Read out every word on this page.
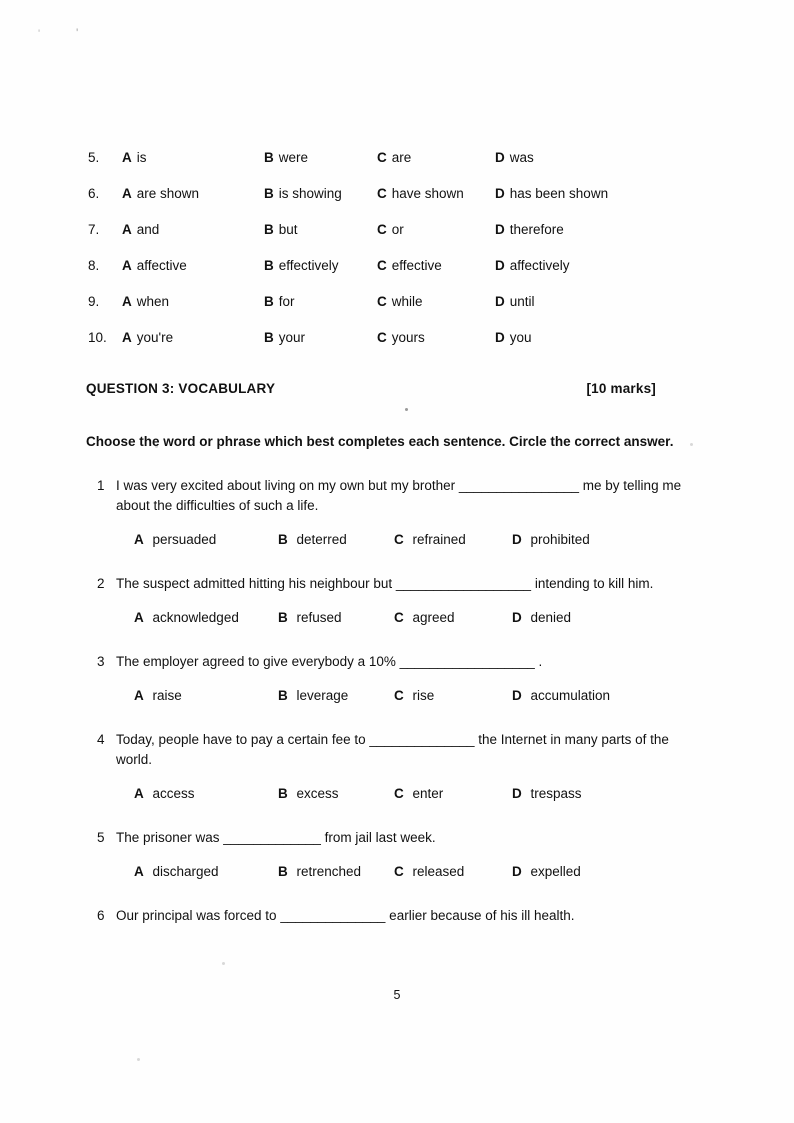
'	'
5.	A is	B were	C are	D was
6.	A are shown	B is showing	C have shown D has been shown
7.	A and	B but	C or	D therefore
8.	A affective	B effectively	C effective	D affectively
9.	A when	B for	C while	D until
10.	A you're	B your	C yours	D you
QUESTION 3: VOCABULARY	[10 marks]
Choose the word or phrase which best completes each sentence. Circle the correct answer.
1 I was very excited about living on my own but my brother ________________ me by telling me about the difficulties of such a life.
A persuaded	B deterred	C refrained	D prohibited
2 The suspect admitted hitting his neighbour but __________________ intending to kill him.
A acknowledged	B refused	C agreed	D denied
3 The employer agreed to give everybody a 10% __________________ .
A raise	B leverage	C rise	D accumulation
4 Today, people have to pay a certain fee to ______________ the Internet in many parts of the world.
A access	B excess	C enter	D trespass
5 The prisoner was _____________ from jail last week.
A discharged	B retrenched	C released	D expelled
6 Our principal was forced to ______________ earlier because of his ill health.
5
